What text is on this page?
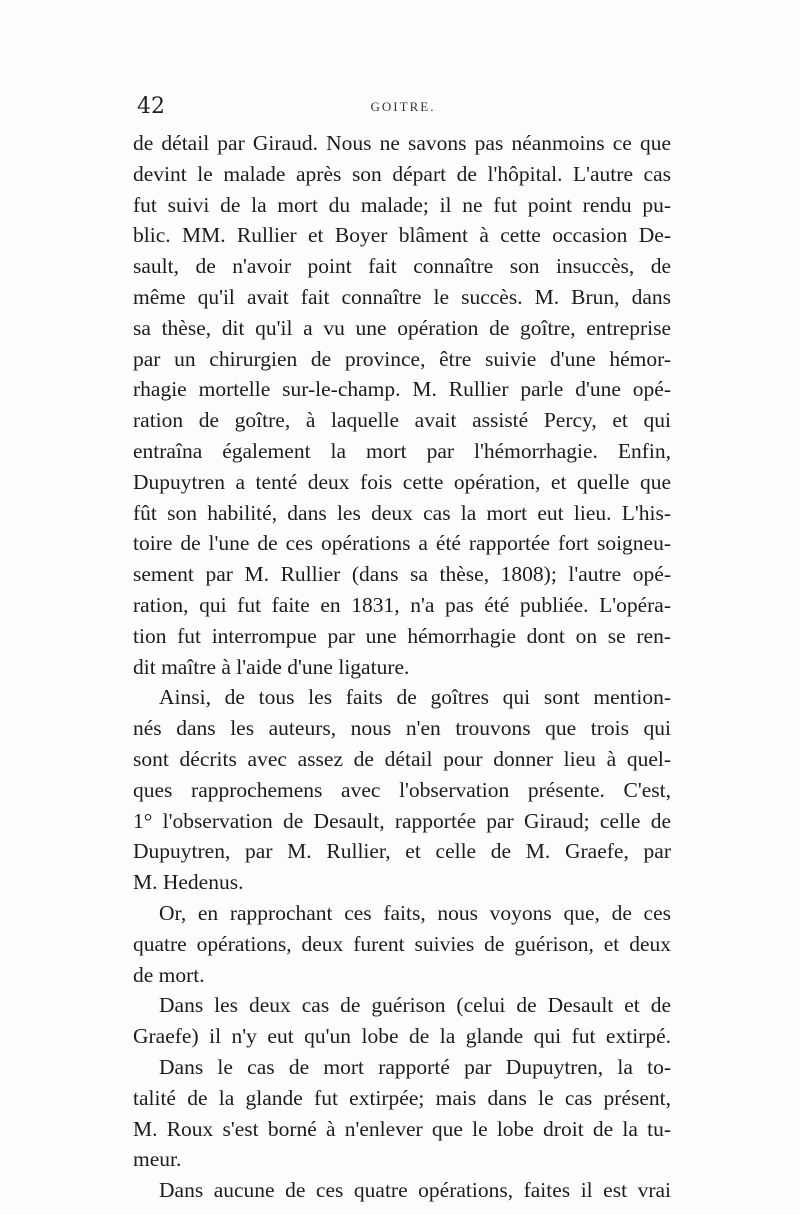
42	GOITRE.
de détail par Giraud. Nous ne savons pas néanmoins ce que
devint le malade après son départ de l'hôpital. L'autre cas
fut suivi de la mort du malade; il ne fut point rendu pu-
blic. MM. Rullier et Boyer blâment à cette occasion De-
sault, de n'avoir point fait connaître son insuccès, de
même qu'il avait fait connaître le succès. M. Brun, dans
sa thèse, dit qu'il a vu une opération de goître, entreprise
par un chirurgien de province, être suivie d'une hémor-
rhagie mortelle sur-le-champ. M. Rullier parle d'une opé-
ration de goître, à laquelle avait assisté Percy, et qui
entraîna également la mort par l'hémorrhagie. Enfin,
Dupuytren a tenté deux fois cette opération, et quelle que
fût son habilité, dans les deux cas la mort eut lieu. L'his-
toire de l'une de ces opérations a été rapportée fort soigneu-
sement par M. Rullier (dans sa thèse, 1808); l'autre opé-
ration, qui fut faite en 1831, n'a pas été publiée. L'opéra-
tion fut interrompue par une hémorrhagie dont on se ren-
dit maître à l'aide d'une ligature.
Ainsi, de tous les faits de goîtres qui sont mention-
nés dans les auteurs, nous n'en trouvons que trois qui
sont décrits avec assez de détail pour donner lieu à quel-
ques rapprochemens avec l'observation présente. C'est,
1° l'observation de Desault, rapportée par Giraud; celle de
Dupuytren, par M. Rullier, et celle de M. Graefe, par
M. Hedenus.
Or, en rapprochant ces faits, nous voyons que, de ces
quatre opérations, deux furent suivies de guérison, et deux
de mort.
Dans les deux cas de guérison (celui de Desault et de
Graefe) il n'y eut qu'un lobe de la glande qui fut extirpé.
Dans le cas de mort rapporté par Dupuytren, la to-
talité de la glande fut extirpée; mais dans le cas présent,
M. Roux s'est borné à n'enlever que le lobe droit de la tu-
meur.
Dans aucune de ces quatre opérations, faites il est vrai
